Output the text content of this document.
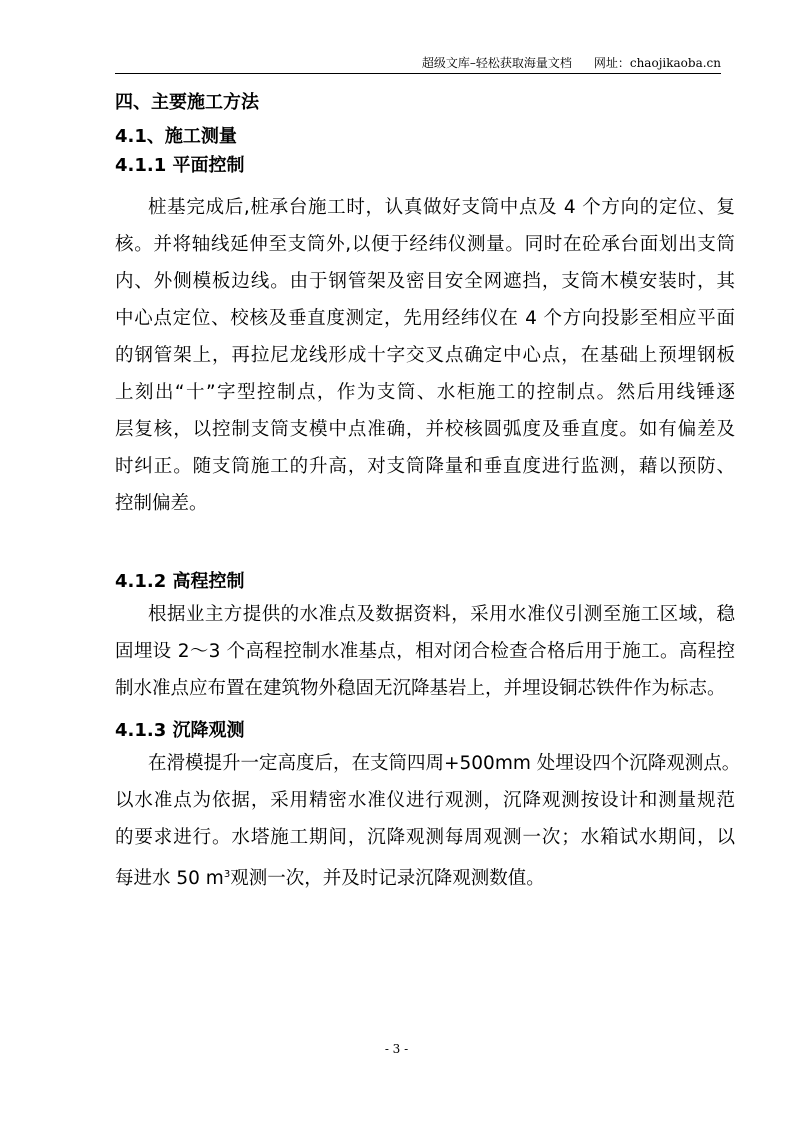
超级文库–轻松获取海量文档 网址：chaojikaoba.cn
四、主要施工方法
4.1、施工测量
4.1.1 平面控制
桩基完成后,桩承台施工时，认真做好支筒中点及 4 个方向的定位、复
核。并将轴线延伸至支筒外,以便于经纬仪测量。同时在砼承台面划出支筒
内、外侧模板边线。由于钢管架及密目安全网遮挡，支筒木模安装时，其
中心点定位、校核及垂直度测定，先用经纬仪在 4 个方向投影至相应平面
的钢管架上，再拉尼龙线形成十字交叉点确定中心点，在基础上预埋钢板
上刻出“十”字型控制点，作为支筒、水柜施工的控制点。然后用线锤逐
层复核，以控制支筒支模中点准确，并校核圆弧度及垂直度。如有偏差及
时纠正。随支筒施工的升高，对支筒降量和垂直度进行监测，藉以预防、
控制偏差。
4.1.2 高程控制
根据业主方提供的水准点及数据资料，采用水准仪引测至施工区域，稳
固埋设 2～3 个高程控制水准基点，相对闭合检查合格后用于施工。高程控
制水准点应布置在建筑物外稳固无沉降基岩上，并埋设铜芯铁件作为标志。
4.1.3 沉降观测
在滑模提升一定高度后，在支筒四周+500mm 处埋设四个沉降观测点。
以水准点为依据，采用精密水准仪进行观测，沉降观测按设计和测量规范
的要求进行。水塔施工期间，沉降观测每周观测一次；水箱试水期间，以
每进水 50 $m^3$观测一次，并及时记录沉降观测数值。
- 3 -
